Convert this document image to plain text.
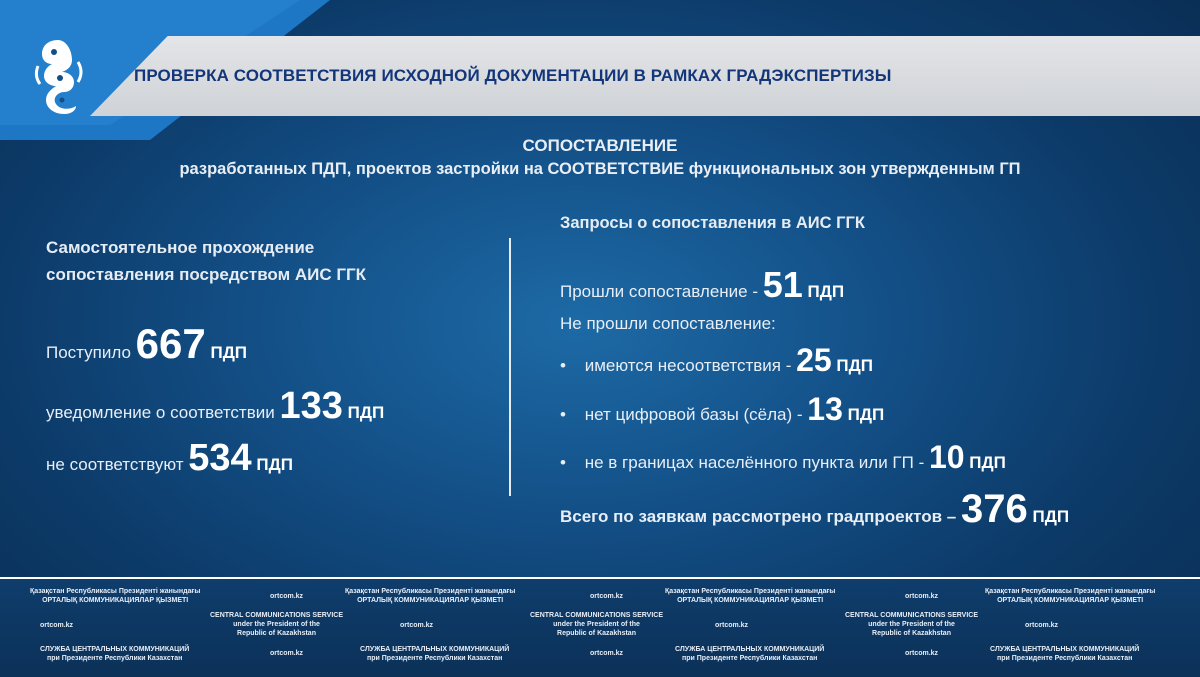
ПРОВЕРКА СООТВЕТСТВИЯ ИСХОДНОЙ ДОКУМЕНТАЦИИ В РАМКАХ ГРАДЭКСПЕРТИЗЫ
СОПОСТАВЛЕНИЕ
разработанных ПДП, проектов застройки на СООТВЕТСТВИЕ функциональных зон утвержденным ГП
Самостоятельное прохождение
сопоставления посредством АИС ГГК
Поступило 667 ПДП
уведомление о соответствии 133 ПДП
не соответствуют 534 ПДП
Запросы о сопоставления в АИС ГГК
Прошли сопоставление - 51 ПДП
Не прошли сопоставление:
• имеются несоответствия - 25 ПДП
• нет цифровой базы (сёла) - 13 ПДП
• не в границах населённого пункта или ГП - 10 ПДП
Всего по заявкам рассмотрено градпроектов – 376 ПДП
Қазақстан Республикасы Президенті жанындағы
ОРТАЛЫҚ КОММУНИКАЦИЯЛАР ҚЫЗМЕТІ
ortcom.kz
Қазақстан Республикасы Президенті жанындағы
ОРТАЛЫҚ КОММУНИКАЦИЯЛАР ҚЫЗМЕТІ
ortcom.kz
Қазақстан Республикасы Президенті жанындағы
ОРТАЛЫҚ КОММУНИКАЦИЯЛАР ҚЫЗМЕТІ
ortcom.kz
Қазақстан Республикасы Президенті жанындағы
ОРТАЛЫҚ КОММУНИКАЦИЯЛАР ҚЫЗМЕТІ
ortcom.kz
CENTRAL COMMUNICATIONS SERVICE
under the President of the
Republic of Kazakhstan
ortcom.kz
CENTRAL COMMUNICATIONS SERVICE
under the President of the
Republic of Kazakhstan
ortcom.kz
CENTRAL COMMUNICATIONS SERVICE
under the President of the
Republic of Kazakhstan
ortcom.kz
СЛУЖБА ЦЕНТРАЛЬНЫХ КОММУНИКАЦИЙ
при Президенте Республики Казахстан
ortcom.kz
СЛУЖБА ЦЕНТРАЛЬНЫХ КОММУНИКАЦИЙ
при Президенте Республики Казахстан
ortcom.kz
СЛУЖБА ЦЕНТРАЛЬНЫХ КОММУНИКАЦИЙ
при Президенте Республики Казахстан
ortcom.kz
СЛУЖБА ЦЕНТРАЛЬНЫХ КОММУНИКАЦИЙ
при Президенте Республики Казахстан
